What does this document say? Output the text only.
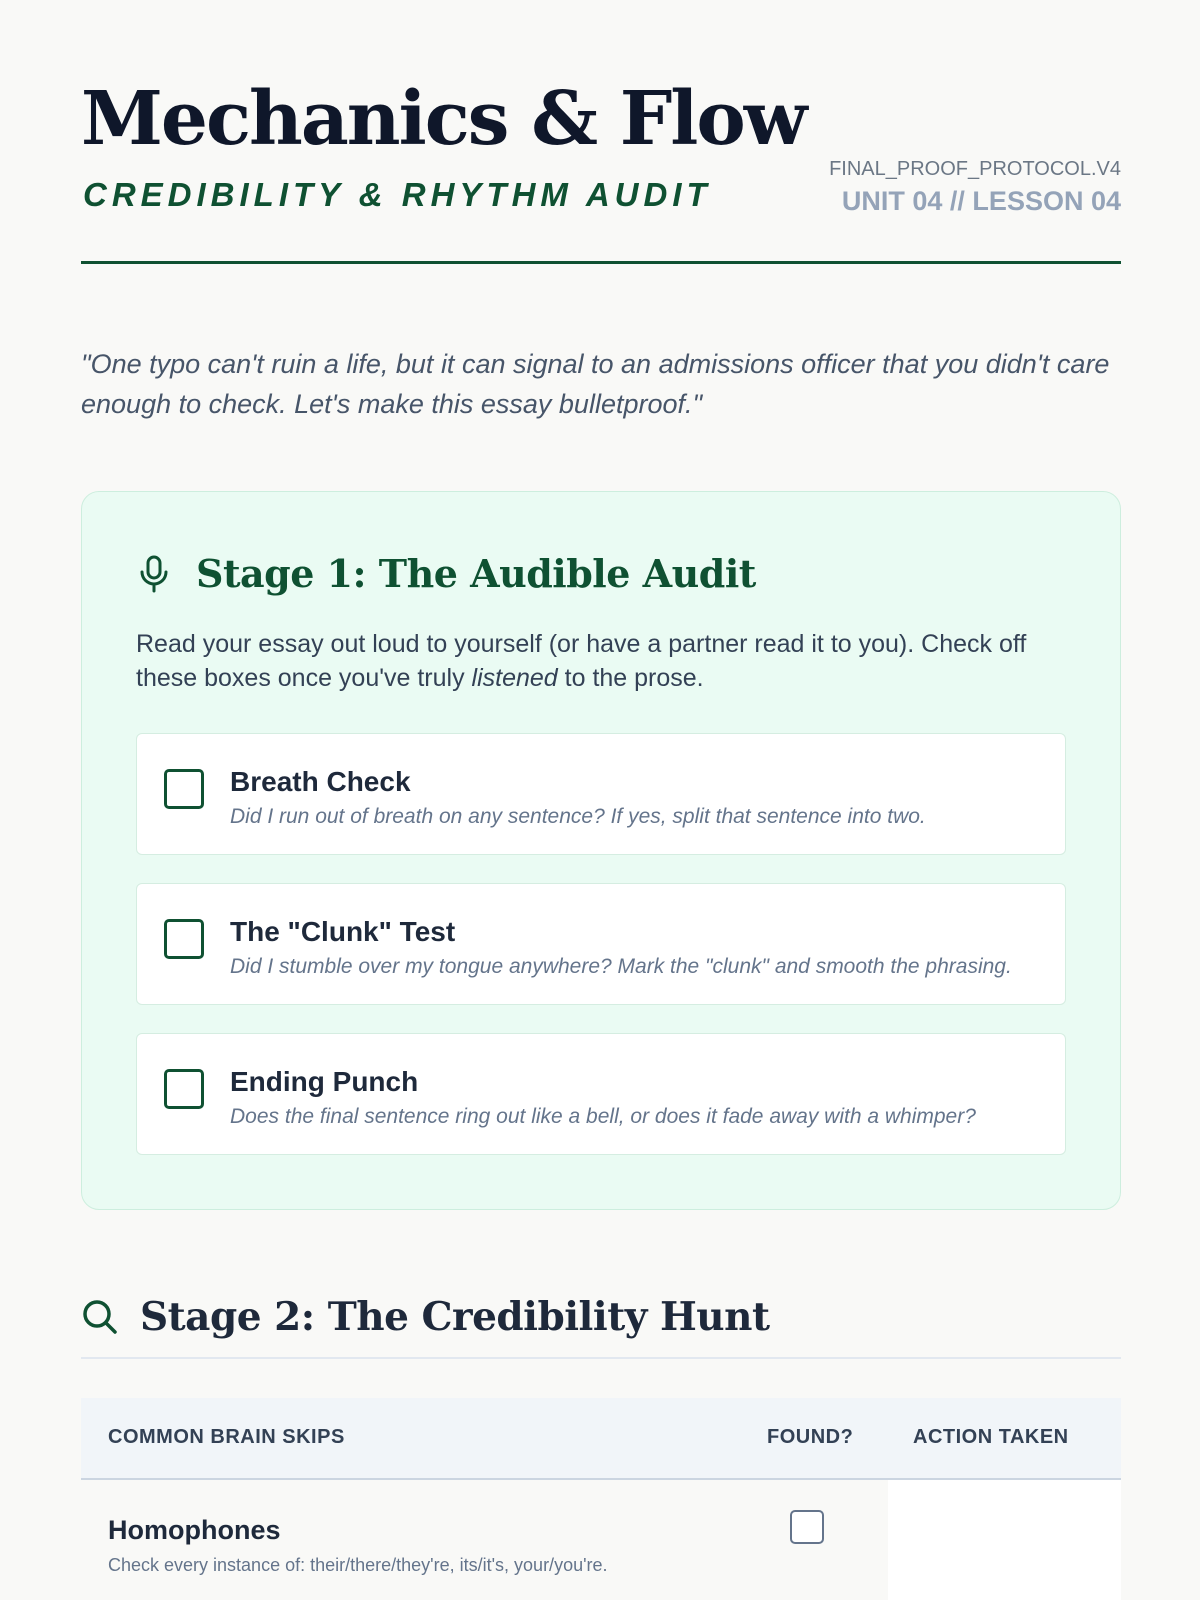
Mechanics & Flow
CREDIBILITY & RHYTHM AUDIT
FINAL_PROOF_PROTOCOL.V4
UNIT 04 // LESSON 04

"One typo can't ruin a life, but it can signal to an admissions officer that you didn't care enough to check. Let's make this essay bulletproof."

Stage 1: The Audible Audit

Read your essay out loud to yourself (or have a partner read it to you). Check off these boxes once you've truly listened to the prose.

Breath Check
Did I run out of breath on any sentence? If yes, split that sentence into two.
The "Clunk" Test
Did I stumble over my tongue anywhere? Mark the "clunk" and smooth the phrasing.
Ending Punch
Does the final sentence ring out like a bell, or does it fade away with a whimper?
Stage 2: The Credibility Hunt
COMMON BRAIN SKIPS	FOUND?	ACTION TAKEN
Homophones
Check every instance of: their/there/they're, its/it's, your/you're.
